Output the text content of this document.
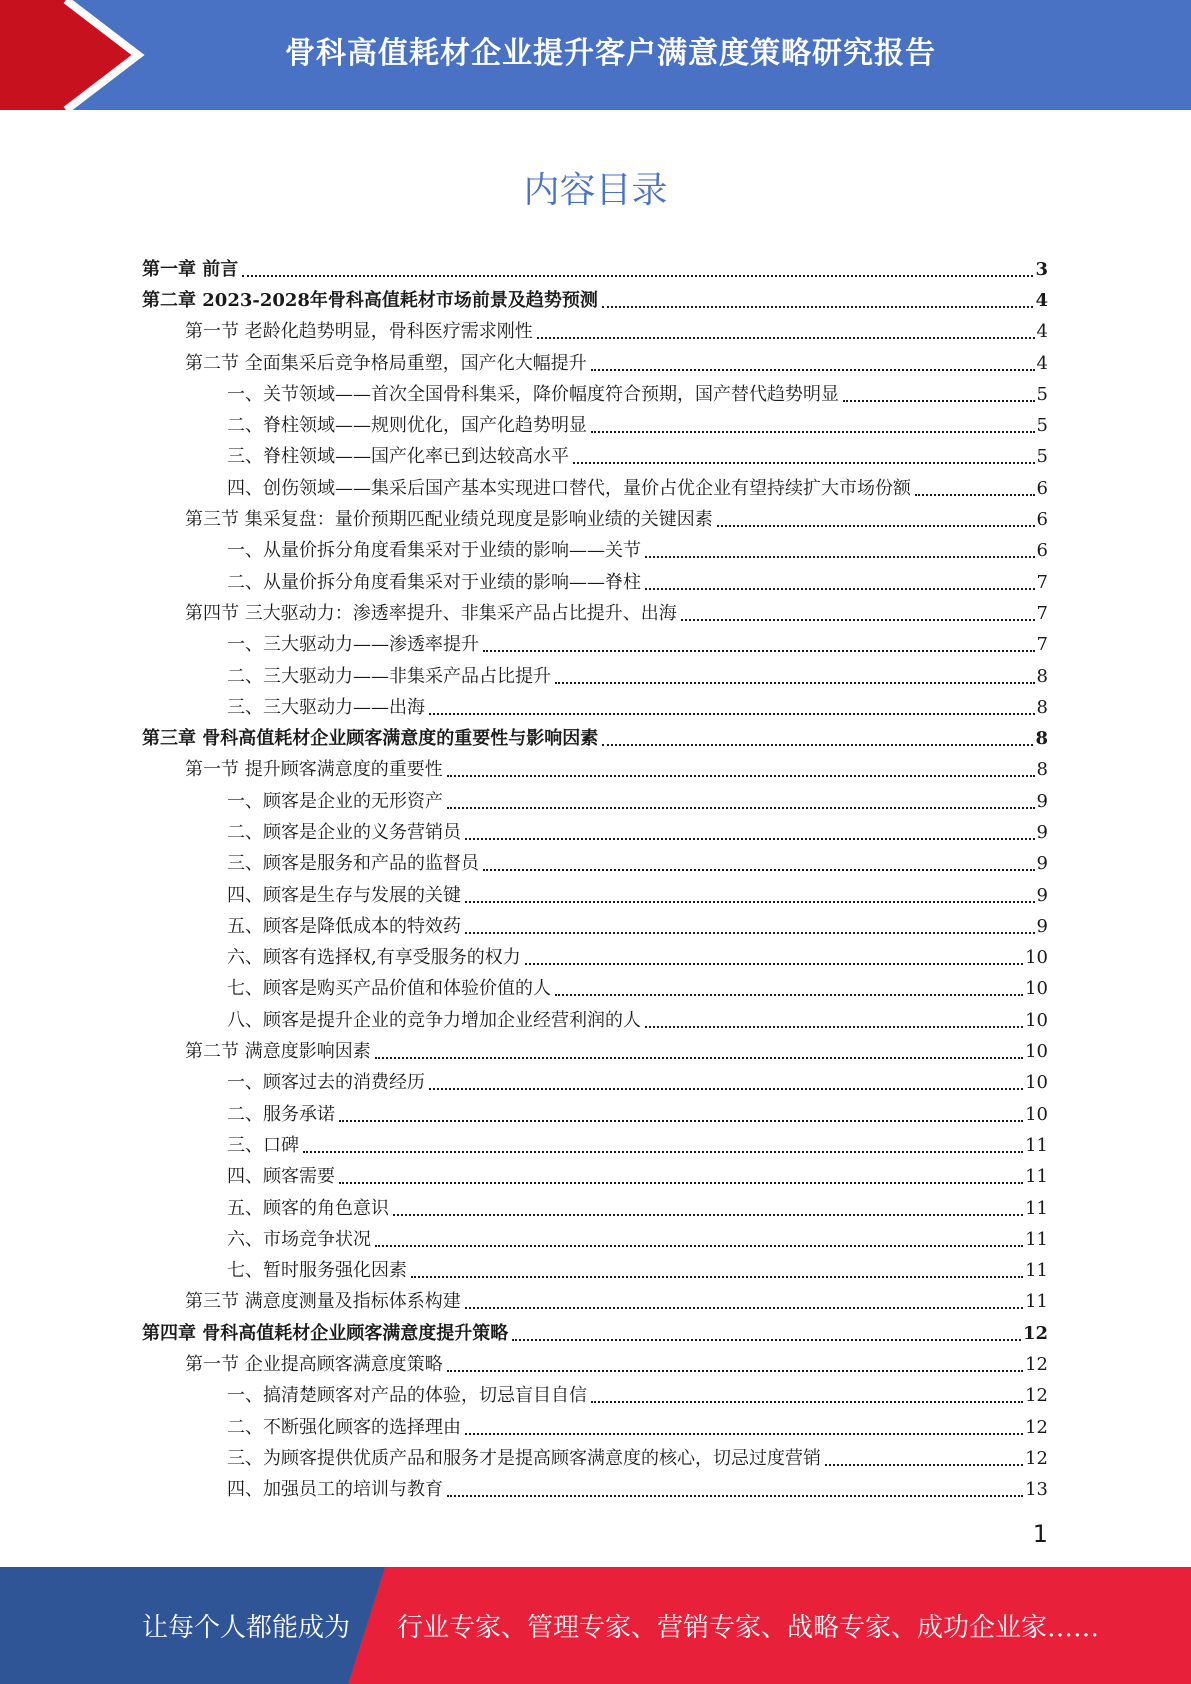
骨科高值耗材企业提升客户满意度策略研究报告
内容目录
第一章 前言	3
第二章 2023-2028年骨科高值耗材市场前景及趋势预测	4
第一节 老龄化趋势明显，骨科医疗需求刚性	4
第二节 全面集采后竞争格局重塑，国产化大幅提升	4
一、关节领域——首次全国骨科集采，降价幅度符合预期，国产替代趋势明显	5
二、脊柱领域——规则优化，国产化趋势明显	5
三、脊柱领域——国产化率已到达较高水平	5
四、创伤领域——集采后国产基本实现进口替代，量价占优企业有望持续扩大市场份额	6
第三节 集采复盘：量价预期匹配业绩兑现度是影响业绩的关键因素	6
一、从量价拆分角度看集采对于业绩的影响——关节	6
二、从量价拆分角度看集采对于业绩的影响——脊柱	7
第四节 三大驱动力：渗透率提升、非集采产品占比提升、出海	7
一、三大驱动力——渗透率提升	7
二、三大驱动力——非集采产品占比提升	8
三、三大驱动力——出海	8
第三章 骨科高值耗材企业顾客满意度的重要性与影响因素	8
第一节 提升顾客满意度的重要性	8
一、顾客是企业的无形资产	9
二、顾客是企业的义务营销员	9
三、顾客是服务和产品的监督员	9
四、顾客是生存与发展的关键	9
五、顾客是降低成本的特效药	9
六、顾客有选择权,有享受服务的权力	10
七、顾客是购买产品价值和体验价值的人	10
八、顾客是提升企业的竞争力增加企业经营利润的人	10
第二节 满意度影响因素	10
一、顾客过去的消费经历	10
二、服务承诺	10
三、口碑	11
四、顾客需要	11
五、顾客的角色意识	11
六、市场竞争状况	11
七、暂时服务强化因素	11
第三节 满意度测量及指标体系构建	11
第四章 骨科高值耗材企业顾客满意度提升策略	12
第一节 企业提高顾客满意度策略	12
一、搞清楚顾客对产品的体验，切忌盲目自信	12
二、不断强化顾客的选择理由	12
三、为顾客提供优质产品和服务才是提高顾客满意度的核心，切忌过度营销	12
四、加强员工的培训与教育	13
1
让每个人都能成为 行业专家、管理专家、营销专家、战略专家、成功企业家……
